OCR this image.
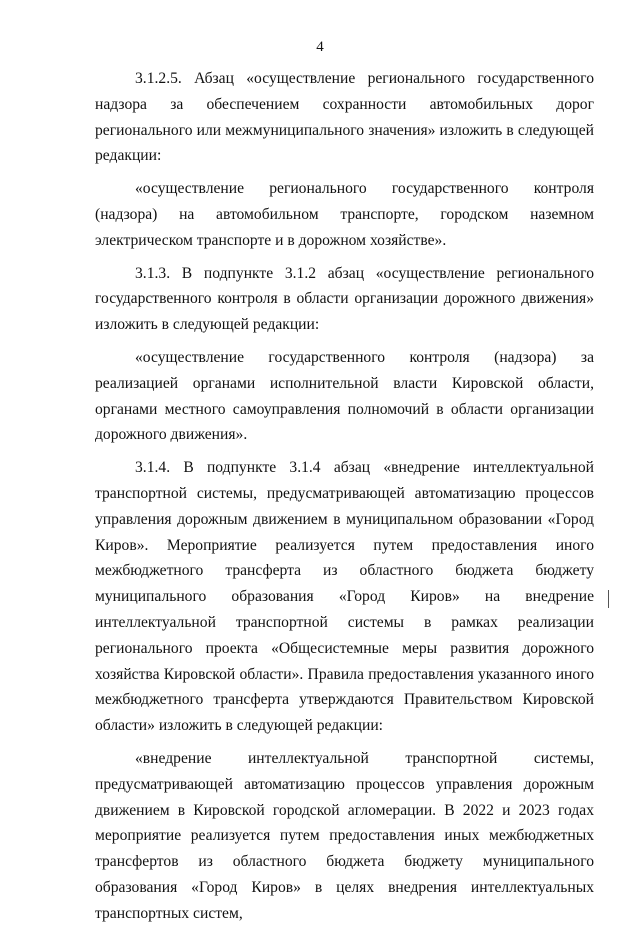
4

3.1.2.5. Абзац «осуществление регионального государственного надзора за обеспечением сохранности автомобильных дорог регионального или межмуниципального значения» изложить в следующей редакции:

«осуществление регионального государственного контроля (надзора) на автомобильном транспорте, городском наземном электрическом транспорте и в дорожном хозяйстве».

3.1.3. В подпункте 3.1.2 абзац «осуществление регионального государственного контроля в области организации дорожного движения» изложить в следующей редакции:

«осуществление государственного контроля (надзора) за реализацией органами исполнительной власти Кировской области, органами местного самоуправления полномочий в области организации дорожного движения».

3.1.4. В подпункте 3.1.4 абзац «внедрение интеллектуальной транспортной системы, предусматривающей автоматизацию процессов управления дорожным движением в муниципальном образовании «Город Киров». Мероприятие реализуется путем предоставления иного межбюджетного трансферта из областного бюджета бюджету муниципального образования «Город Киров» на внедрение интеллектуальной транспортной системы в рамках реализации регионального проекта «Общесистемные меры развития дорожного хозяйства Кировской области». Правила предоставления указанного иного межбюджетного трансферта утверждаются Правительством Кировской области» изложить в следующей редакции:

«внедрение интеллектуальной транспортной системы, предусматривающей автоматизацию процессов управления дорожным движением в Кировской городской агломерации. В 2022 и 2023 годах мероприятие реализуется путем предоставления иных межбюджетных трансфертов из областного бюджета бюджету муниципального образования «Город Киров» в целях внедрения интеллектуальных транспортных систем,
